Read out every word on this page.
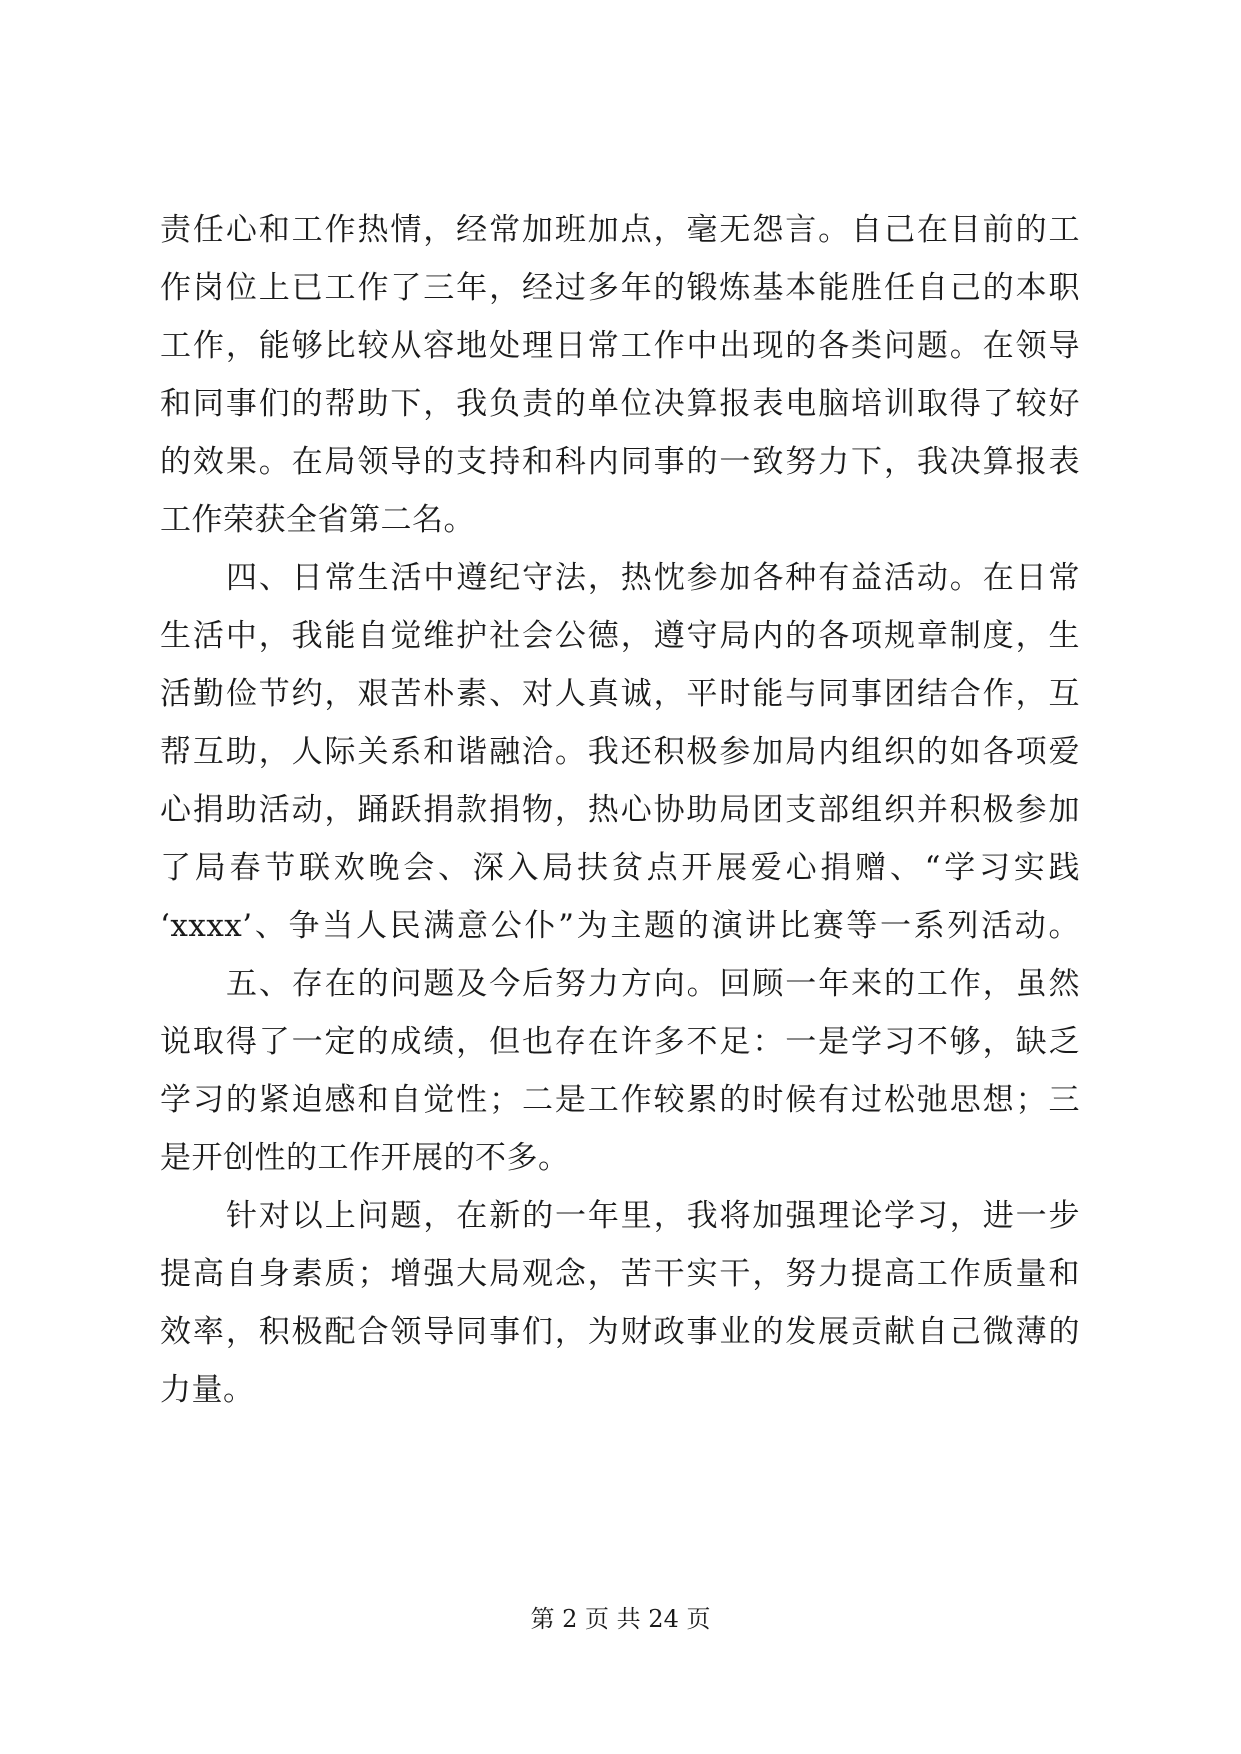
责任心和工作热情，经常加班加点，毫无怨言。自己在目前的工
作岗位上已工作了三年，经过多年的锻炼基本能胜任自己的本职
工作，能够比较从容地处理日常工作中出现的各类问题。在领导
和同事们的帮助下，我负责的单位决算报表电脑培训取得了较好
的效果。在局领导的支持和科内同事的一致努力下，我决算报表
工作荣获全省第二名。
四、日常生活中遵纪守法，热忱参加各种有益活动。在日常
生活中，我能自觉维护社会公德，遵守局内的各项规章制度，生
活勤俭节约，艰苦朴素、对人真诚，平时能与同事团结合作，互
帮互助，人际关系和谐融洽。我还积极参加局内组织的如各项爱
心捐助活动，踊跃捐款捐物，热心协助局团支部组织并积极参加
了局春节联欢晚会、深入局扶贫点开展爱心捐赠、“学习实践
‘xxxx’、争当人民满意公仆”为主题的演讲比赛等一系列活动。
五、存在的问题及今后努力方向。回顾一年来的工作，虽然
说取得了一定的成绩，但也存在许多不足：一是学习不够，缺乏
学习的紧迫感和自觉性；二是工作较累的时候有过松弛思想；三
是开创性的工作开展的不多。
针对以上问题，在新的一年里，我将加强理论学习，进一步
提高自身素质；增强大局观念，苦干实干，努力提高工作质量和
效率，积极配合领导同事们，为财政事业的发展贡献自己微薄的
力量。
第 2 页 共 24 页
